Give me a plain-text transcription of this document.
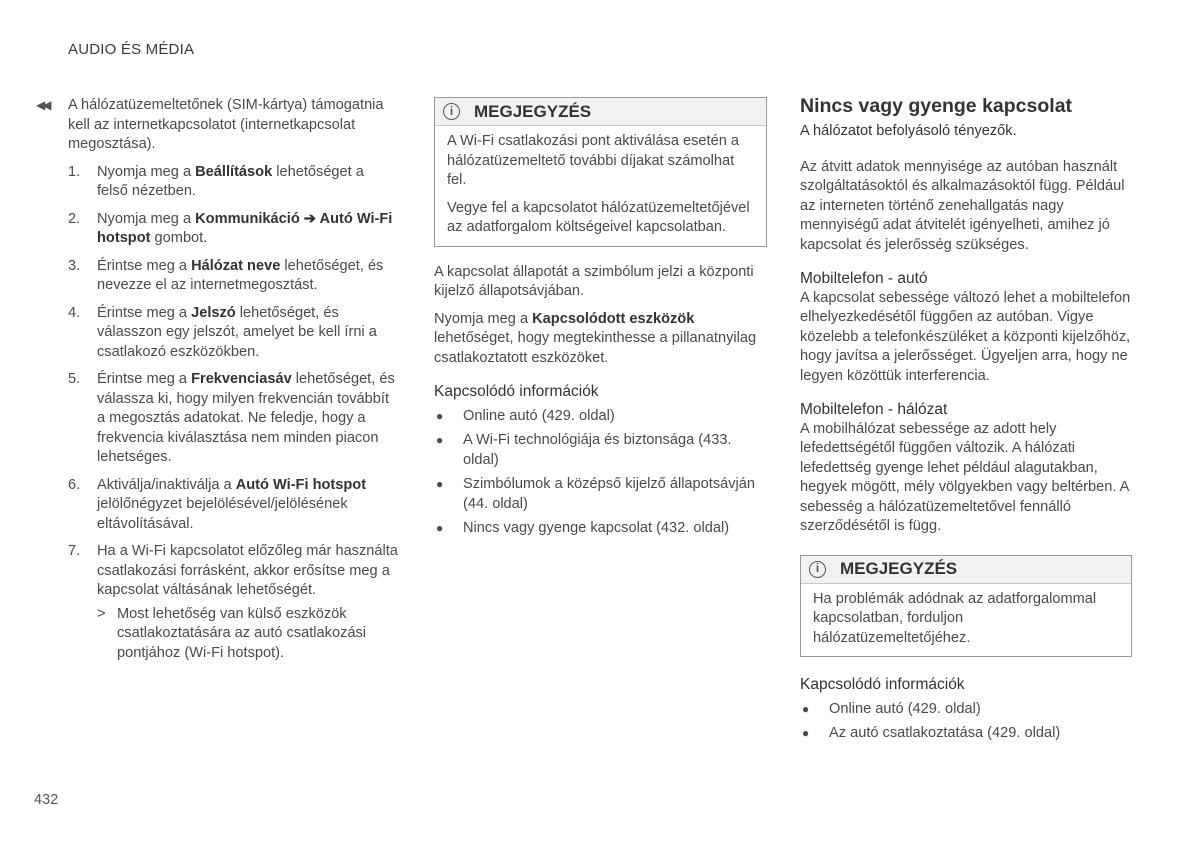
AUDIO ÉS MÉDIA
◀◀ A hálózatüzemeltetőnek (SIM-kártya) támogatnia kell az internetkapcsolatot (internetkapcsolat megosztása).

1.	Nyomja meg a Beállítások lehetőséget a felső nézetben.
2.	Nyomja meg a Kommunikáció ➔ Autó Wi-Fi hotspot gombot.
3.	Érintse meg a Hálózat neve lehetőséget, és nevezze el az internetmegosztást.
4.	Érintse meg a Jelszó lehetőséget, és válasszon egy jelszót, amelyet be kell írni a csatlakozó eszközökben.
5.	Érintse meg a Frekvenciasáv lehetőséget, és válassza ki, hogy milyen frekvencián továbbít a megosztás adatokat. Ne feledje, hogy a frekvencia kiválasztása nem minden piacon lehetséges.
6.	Aktiválja/inaktiválja a Autó Wi-Fi hotspot jelölőnégyzet bejelölésével/jelölésének eltávolításával.
7.	Ha a Wi-Fi kapcsolatot előzőleg már használta csatlakozási forrásként, akkor erősítse meg a kapcsolat váltásának lehetőségét.
> Most lehetőség van külső eszközök csatlakoztatására az autó csatlakozási pontjához (Wi-Fi hotspot).
i	MEGJEGYZÉS

A Wi-Fi csatlakozási pont aktiválása esetén a hálózatüzemeltető további díjakat számolhat fel.

Vegye fel a kapcsolatot hálózatüzemeltetőjével az adatforgalom költségeivel kapcsolatban.

A kapcsolat állapotát a szimbólum jelzi a központi kijelző állapotsávjában.

Nyomja meg a Kapcsolódott eszközök lehetőséget, hogy megtekinthesse a pillanatnyilag csatlakoztatott eszközöket.

Kapcsolódó információk
● Online autó (429. oldal)
● A Wi-Fi technológiája és biztonsága (433. oldal)
● Szimbólumok a középső kijelző állapotsávján (44. oldal)
● Nincs vagy gyenge kapcsolat (432. oldal)
Nincs vagy gyenge kapcsolat

A hálózatot befolyásoló tényezők.

Az átvitt adatok mennyisége az autóban használt szolgáltatásoktól és alkalmazásoktól függ. Például az interneten történő zenehallgatás nagy mennyiségű adat átvitelét igényelheti, amihez jó kapcsolat és jelerősség szükséges.

Mobiltelefon - autó

A kapcsolat sebessége változó lehet a mobiltelefon elhelyezkedésétől függően az autóban. Vigye közelebb a telefonkészüléket a központi kijelzőhöz, hogy javítsa a jelerősséget. Ügyeljen arra, hogy ne legyen közöttük interferencia.

Mobiltelefon - hálózat

A mobilhálózat sebessége az adott hely lefedettségétől függően változik. A hálózati lefedettség gyenge lehet például alagutakban, hegyek mögött, mély völgyekben vagy beltérben. A sebesség a hálózatüzemeltetővel fennálló szerződésétől is függ.

i	MEGJEGYZÉS

Ha problémák adódnak az adatforgalommal kapcsolatban, forduljon hálózatüzemeltetőjéhez.

Kapcsolódó információk
● Online autó (429. oldal)
● Az autó csatlakoztatása (429. oldal)
432
